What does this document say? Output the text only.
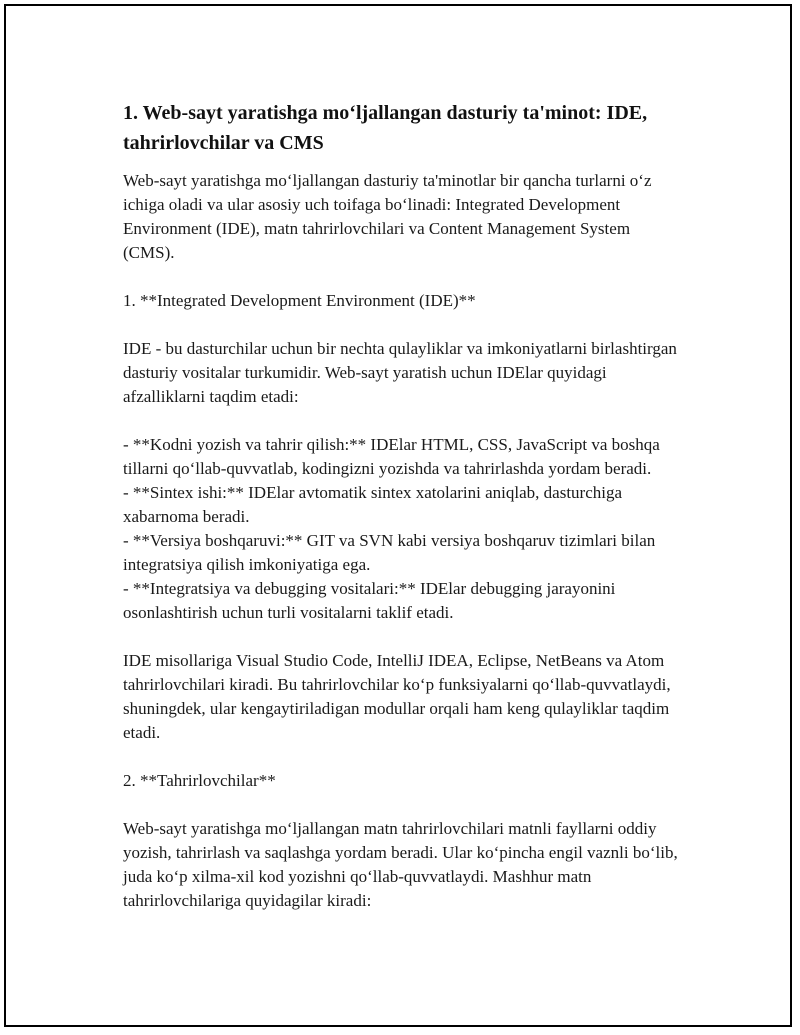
1. Web-sayt yaratishga mo‘ljallangan dasturiy ta'minot: IDE, tahrirlovchilar va CMS

Web-sayt yaratishga mo‘ljallangan dasturiy ta'minotlar bir qancha turlarni o‘z ichiga oladi va ular asosiy uch toifaga bo‘linadi: Integrated Development Environment (IDE), matn tahrirlovchilari va Content Management System (CMS).

1. **Integrated Development Environment (IDE)**

IDE - bu dasturchilar uchun bir nechta qulayliklar va imkoniyatlarni birlashtirgan dasturiy vositalar turkumidir. Web-sayt yaratish uchun IDElar quyidagi afzalliklarni taqdim etadi:

- **Kodni yozish va tahrir qilish:** IDElar HTML, CSS, JavaScript va boshqa tillarni qo‘llab-quvvatlab, kodingizni yozishda va tahrirlashda yordam beradi.
- **Sintex ishi:** IDElar avtomatik sintex xatolarini aniqlab, dasturchiga xabarnoma beradi.
- **Versiya boshqaruvi:** GIT va SVN kabi versiya boshqaruv tizimlari bilan integratsiya qilish imkoniyatiga ega.
- **Integratsiya va debugging vositalari:** IDElar debugging jarayonini osonlashtirish uchun turli vositalarni taklif etadi.

IDE misollariga Visual Studio Code, IntelliJ IDEA, Eclipse, NetBeans va Atom tahrirlovchilari kiradi. Bu tahrirlovchilar ko‘p funksiyalarni qo‘llab-quvvatlaydi, shuningdek, ular kengaytiriladigan modullar orqali ham keng qulayliklar taqdim etadi.

2. **Tahrirlovchilar**

Web-sayt yaratishga mo‘ljallangan matn tahrirlovchilari matnli fayllarni oddiy yozish, tahrirlash va saqlashga yordam beradi. Ular ko‘pincha engil vaznli bo‘lib, juda ko‘p xilma-xil kod yozishni qo‘llab-quvvatlaydi. Mashhur matn tahrirlovchilariga quyidagilar kiradi:
